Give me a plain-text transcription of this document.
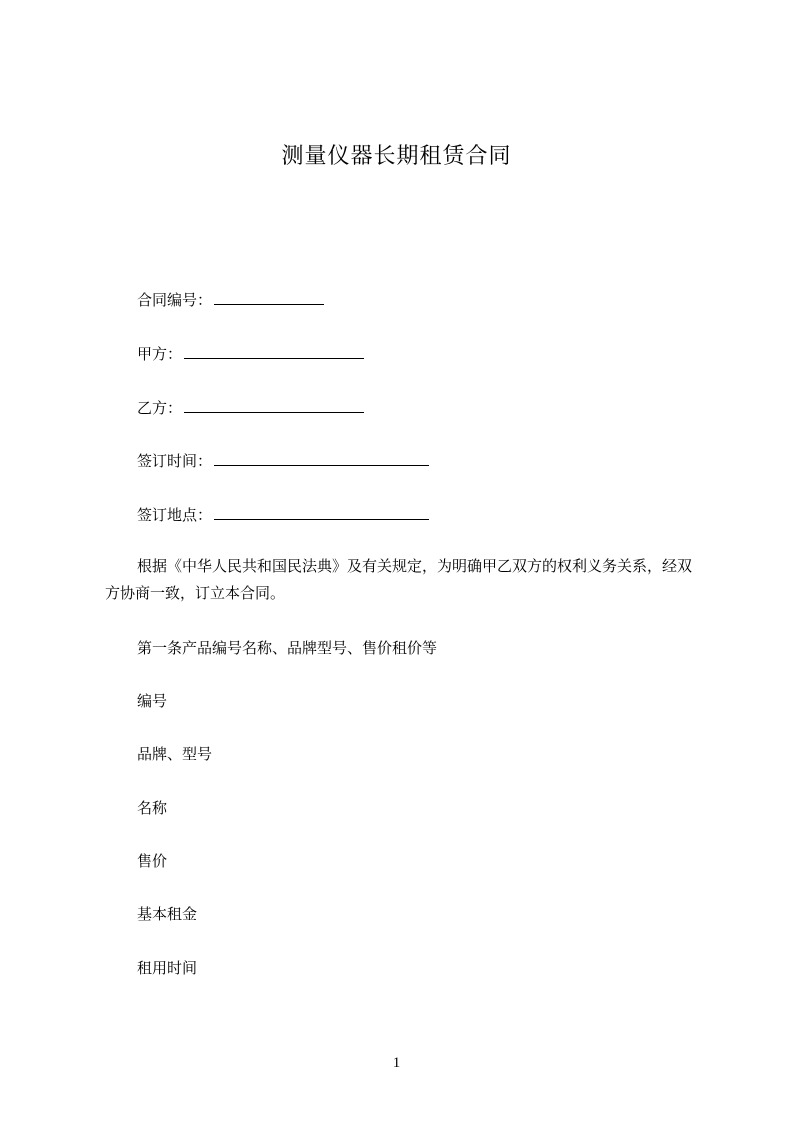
测量仪器长期租赁合同
合同编号：
甲方：
乙方：
签订时间：
签订地点：
根据《中华人民共和国民法典》及有关规定，为明确甲乙双方的权利义务关系，经双方协商一致，订立本合同。
第一条产品编号名称、品牌型号、售价租价等
编号
品牌、型号
名称
售价
基本租金
租用时间
1
